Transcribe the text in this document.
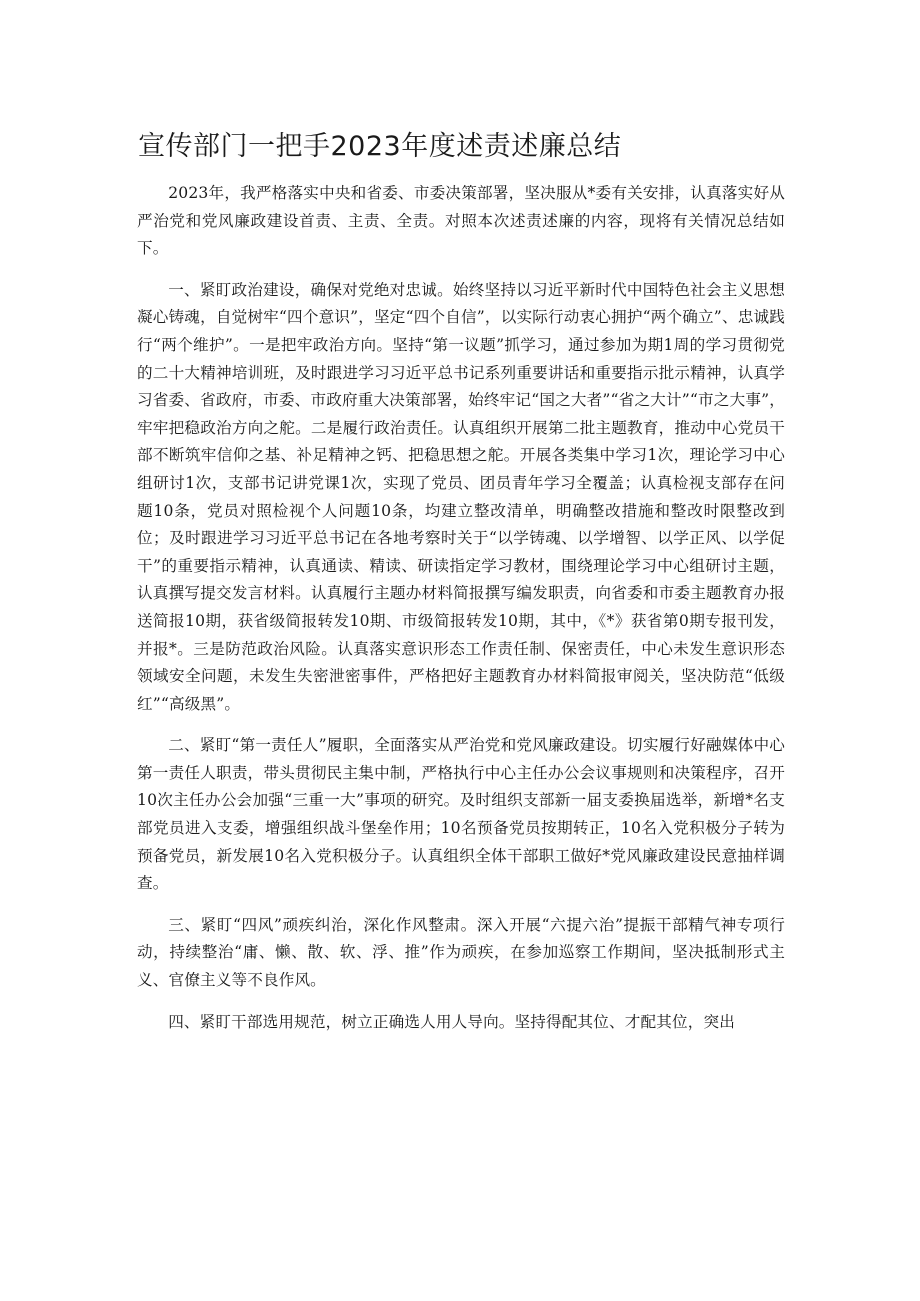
宣传部门一把手2023年度述责述廉总结

2023年，我严格落实中央和省委、市委决策部署，坚决服从*委有关安排，认真落实好从严治党和党风廉政建设首责、主责、全责。对照本次述责述廉的内容，现将有关情况总结如下。

一、紧盯政治建设，确保对党绝对忠诚。始终坚持以习近平新时代中国特色社会主义思想凝心铸魂，自觉树牢“四个意识”，坚定“四个自信”，以实际行动衷心拥护“两个确立”、忠诚践行“两个维护”。一是把牢政治方向。坚持“第一议题”抓学习，通过参加为期1周的学习贯彻党的二十大精神培训班，及时跟进学习习近平总书记系列重要讲话和重要指示批示精神，认真学习省委、省政府，市委、市政府重大决策部署，始终牢记“国之大者”“省之大计”“市之大事”，牢牢把稳政治方向之舵。二是履行政治责任。认真组织开展第二批主题教育，推动中心党员干部不断筑牢信仰之基、补足精神之钙、把稳思想之舵。开展各类集中学习1次，理论学习中心组研讨1次，支部书记讲党课1次，实现了党员、团员青年学习全覆盖；认真检视支部存在问题10条，党员对照检视个人问题10条，均建立整改清单，明确整改措施和整改时限整改到位；及时跟进学习习近平总书记在各地考察时关于“以学铸魂、以学增智、以学正风、以学促干”的重要指示精神，认真通读、精读、研读指定学习教材，围绕理论学习中心组研讨主题，认真撰写提交发言材料。认真履行主题办材料简报撰写编发职责，向省委和市委主题教育办报送简报10期，获省级简报转发10期、市级简报转发10期，其中，《*》获省第0期专报刊发，并报*。三是防范政治风险。认真落实意识形态工作责任制、保密责任，中心未发生意识形态领域安全问题，未发生失密泄密事件，严格把好主题教育办材料简报审阅关，坚决防范“低级红”“高级黑”。

二、紧盯“第一责任人”履职，全面落实从严治党和党风廉政建设。切实履行好融媒体中心第一责任人职责，带头贯彻民主集中制，严格执行中心主任办公会议事规则和决策程序，召开10次主任办公会加强“三重一大”事项的研究。及时组织支部新一届支委换届选举，新增*名支部党员进入支委，增强组织战斗堡垒作用；10名预备党员按期转正，10名入党积极分子转为预备党员，新发展10名入党积极分子。认真组织全体干部职工做好*党风廉政建设民意抽样调查。

三、紧盯“四风”顽疾纠治，深化作风整肃。深入开展“六提六治”提振干部精气神专项行动，持续整治“庸、懒、散、软、浮、推”作为顽疾，在参加巡察工作期间，坚决抵制形式主义、官僚主义等不良作风。

四、紧盯干部选用规范，树立正确选人用人导向。坚持得配其位、才配其位，突出
